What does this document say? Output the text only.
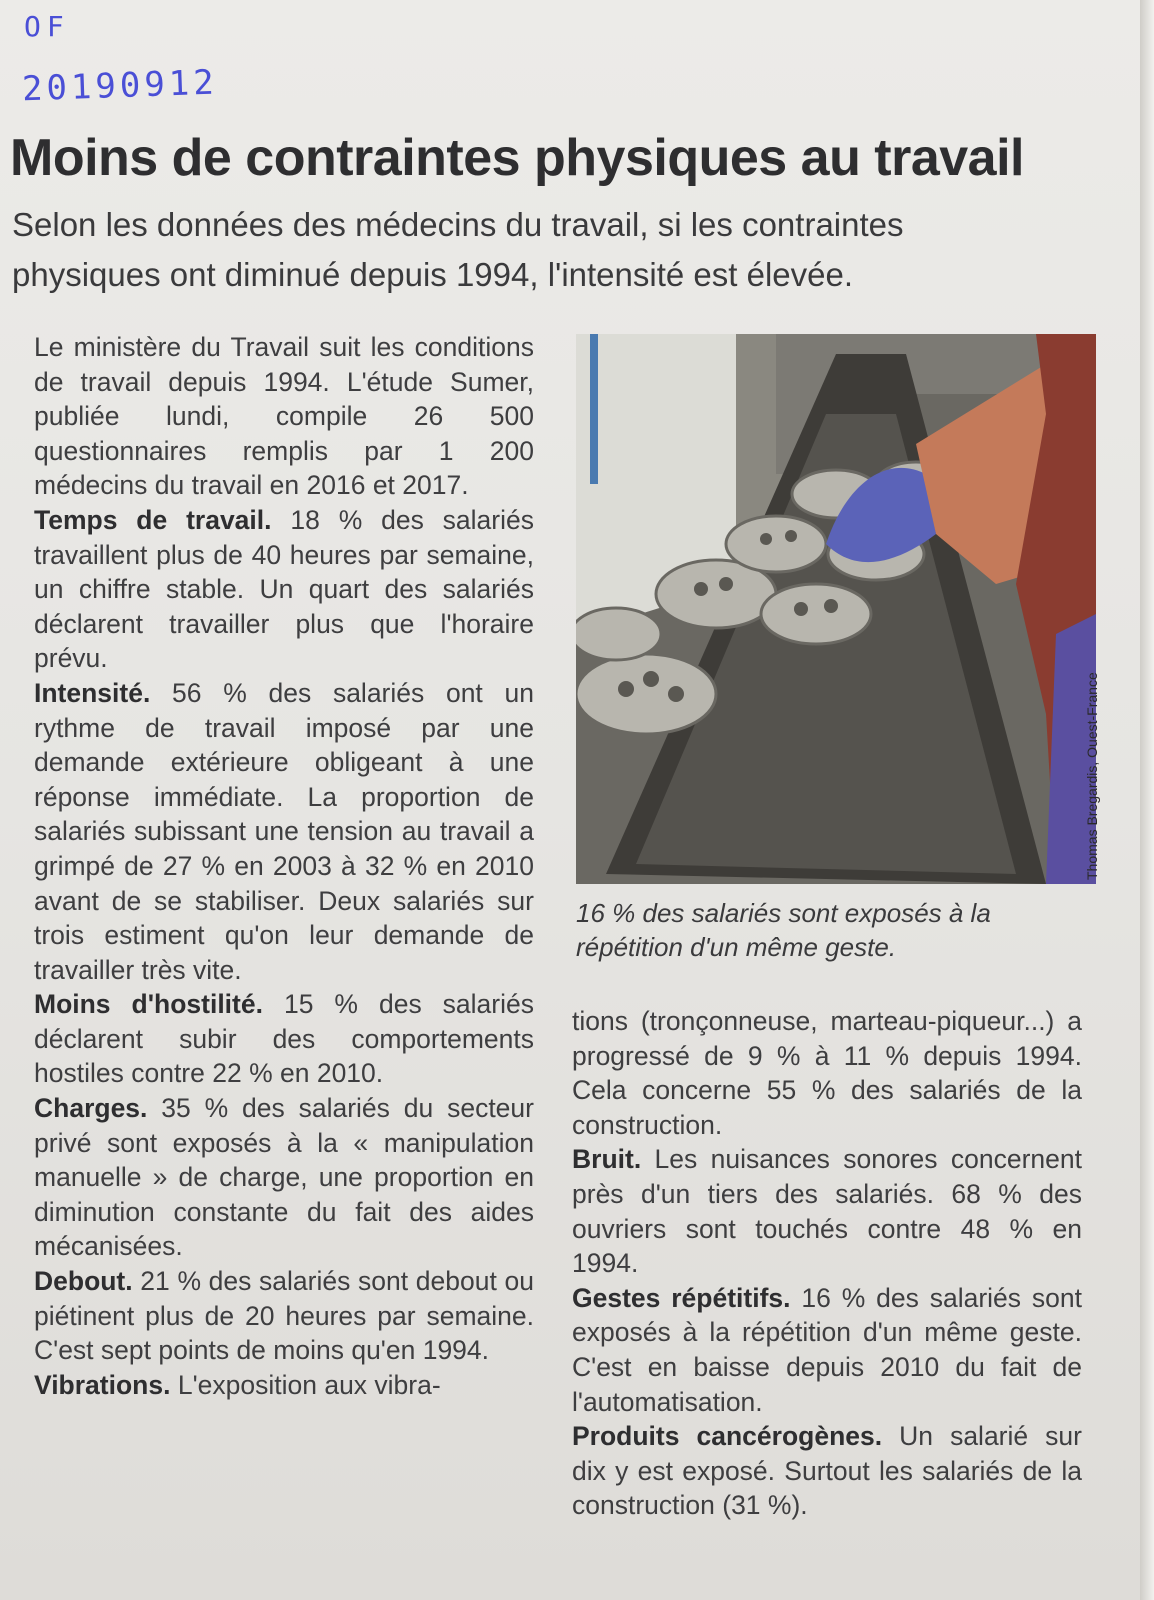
OF
20190912
Moins de contraintes physiques au travail
Selon les données des médecins du travail, si les contraintes physiques ont diminué depuis 1994, l'intensité est élevée.

Le ministère du Travail suit les conditions de travail depuis 1994. L'étude Sumer, publiée lundi, compile 26 500 questionnaires remplis par 1 200 médecins du travail en 2016 et 2017.

Temps de travail. 18 % des salariés travaillent plus de 40 heures par semaine, un chiffre stable. Un quart des salariés déclarent travailler plus que l'horaire prévu.

Intensité. 56 % des salariés ont un rythme de travail imposé par une demande extérieure obligeant à une réponse immédiate. La proportion de salariés subissant une tension au travail a grimpé de 27 % en 2003 à 32 % en 2010 avant de se stabiliser. Deux salariés sur trois estiment qu'on leur demande de travailler très vite.

Moins d'hostilité. 15 % des salariés déclarent subir des comportements hostiles contre 22 % en 2010.

Charges. 35 % des salariés du secteur privé sont exposés à la « manipulation manuelle » de charge, une proportion en diminution constante du fait des aides mécanisées.

Debout. 21 % des salariés sont debout ou piétinent plus de 20 heures par semaine. C'est sept points de moins qu'en 1994.

Vibrations. L'exposition aux vibra-

Thomas Bregardis, Ouest-France
16 % des salariés sont exposés à la répétition d'un même geste.

tions (tronçonneuse, marteau-piqueur...) a progressé de 9 % à 11 % depuis 1994. Cela concerne 55 % des salariés de la construction.

Bruit. Les nuisances sonores concernent près d'un tiers des salariés. 68 % des ouvriers sont touchés contre 48 % en 1994.

Gestes répétitifs. 16 % des salariés sont exposés à la répétition d'un même geste. C'est en baisse depuis 2010 du fait de l'automatisation.

Produits cancérogènes. Un salarié sur dix y est exposé. Surtout les salariés de la construction (31 %).
